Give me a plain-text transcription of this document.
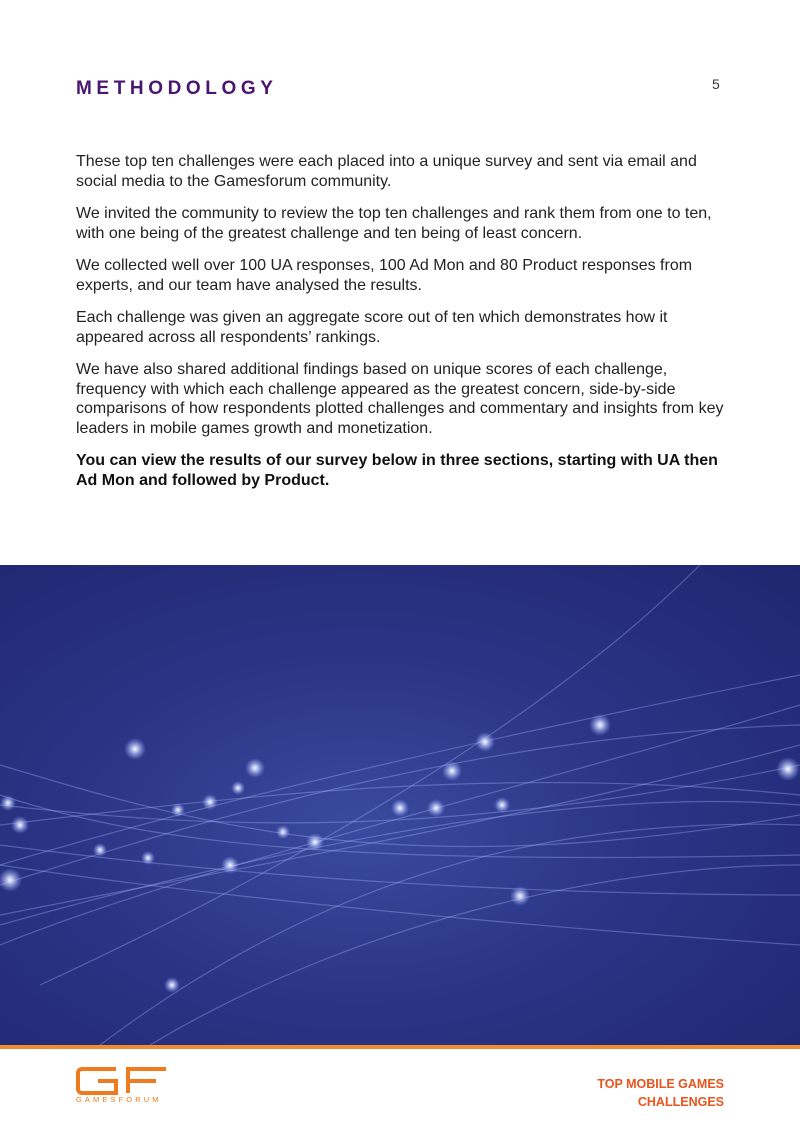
METHODOLOGY	5

These top ten challenges were each placed into a unique survey and sent via email and social media to the Gamesforum community.

We invited the community to review the top ten challenges and rank them from one to ten, with one being of the greatest challenge and ten being of least concern.

We collected well over 100 UA responses, 100 Ad Mon and 80 Product responses from experts, and our team have analysed the results.

Each challenge was given an aggregate score out of ten which demonstrates how it appeared across all respondents’ rankings.

We have also shared additional findings based on unique scores of each challenge, frequency with which each challenge appeared as the greatest concern, side-by-side comparisons of how respondents plotted challenges and commentary and insights from key leaders in mobile games growth and monetization.

You can view the results of our survey below in three sections, starting with UA then Ad Mon and followed by Product.

GAMESFORUM
TOP MOBILE GAMES
CHALLENGES
